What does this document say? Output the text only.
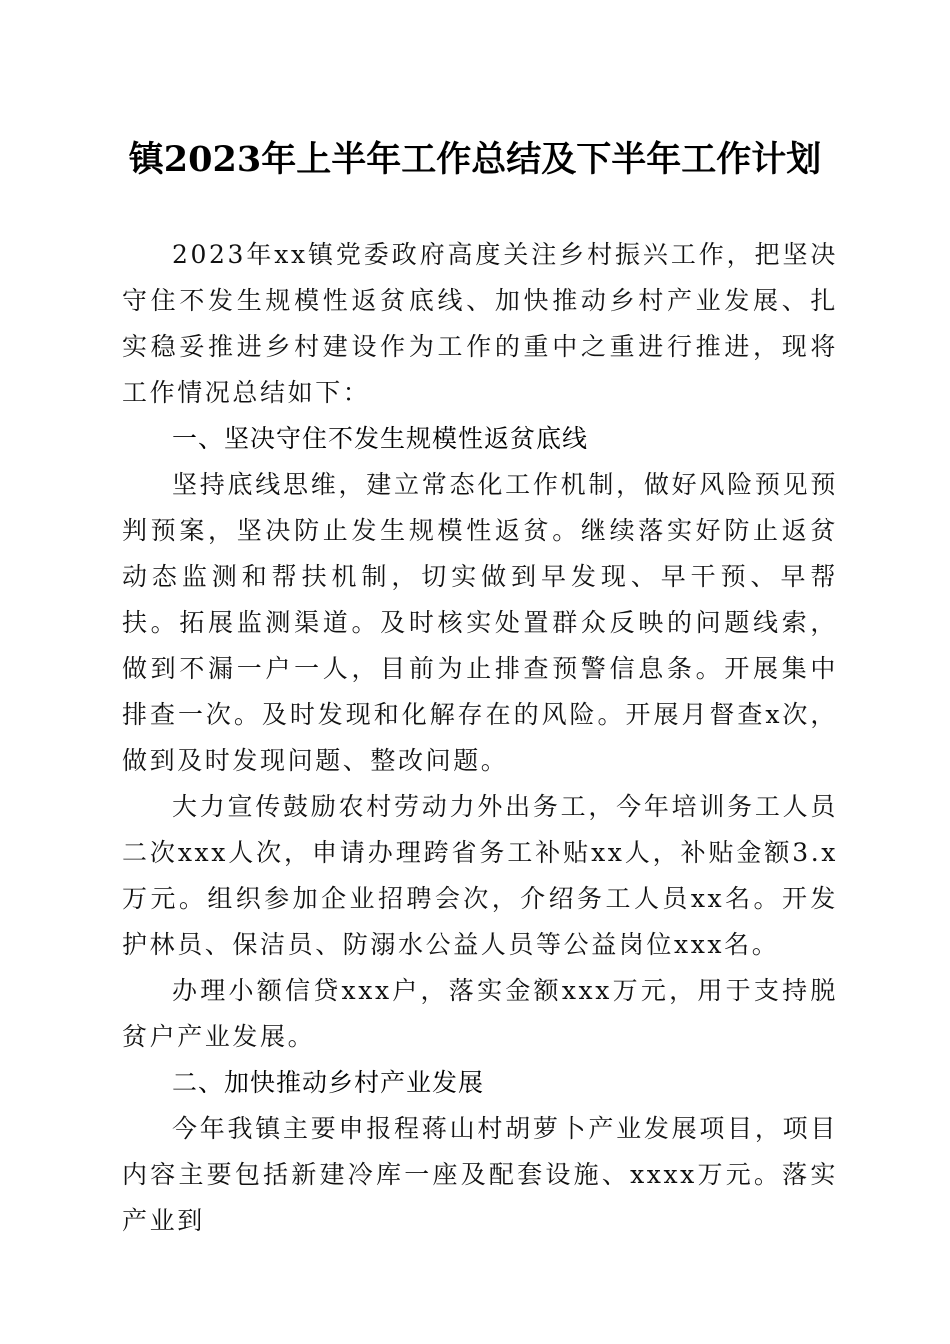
镇2023年上半年工作总结及下半年工作计划

2023年xx镇党委政府高度关注乡村振兴工作，把坚决守住不发生规模性返贫底线、加快推动乡村产业发展、扎实稳妥推进乡村建设作为工作的重中之重进行推进，现将工作情况总结如下：

一、坚决守住不发生规模性返贫底线

坚持底线思维，建立常态化工作机制，做好风险预见预判预案，坚决防止发生规模性返贫。继续落实好防止返贫动态监测和帮扶机制，切实做到早发现、早干预、早帮扶。拓展监测渠道。及时核实处置群众反映的问题线索，做到不漏一户一人，目前为止排查预警信息条。开展集中排查一次。及时发现和化解存在的风险。开展月督查x次，做到及时发现问题、整改问题。

大力宣传鼓励农村劳动力外出务工，今年培训务工人员二次xxx人次，申请办理跨省务工补贴xx人，补贴金额3.x万元。组织参加企业招聘会次，介绍务工人员xx名。开发护林员、保洁员、防溺水公益人员等公益岗位xxx名。

办理小额信贷xxx户，落实金额xxx万元，用于支持脱贫户产业发展。

二、加快推动乡村产业发展

今年我镇主要申报程蒋山村胡萝卜产业发展项目，项目内容主要包括新建冷库一座及配套设施、xxxx万元。落实产业到
